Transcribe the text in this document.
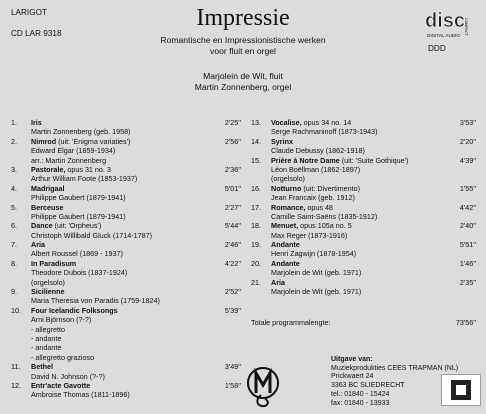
LARIGOT
CD LAR 9318
Impressie
Romantische en Impressionistische werken
voor fluit en orgel
Marjolein de Wit, fluit
Martin Zonnenberg, orgel
disc
COMPACT
DIGITAL AUDIO
DDD
1.	Iris	2'25''
Martin Zonnenberg (geb. 1958)
2.	Nimrod (uit: 'Enigma variaties')	2'56''
Edward Elgar (1859-1934)
arr.: Martin Zonnenberg
3.	Pastorale, opus 31 no. 3	2'36''
Arthur William Foote (1853-1937)
4.	Madrigaal	5'01''
Philippe Gaubert (1879-1941)
5.	Berceuse	2'27''
Philippe Gaubert (1879-1941)
6.	Dance (uit: 'Orpheus')	5'44''
Christoph Willibald Gluck (1714-1787)
7.	Aria	2'46''
Albert Roussel (1869 - 1937)
8.	In Paradisum	4'22''
Theodore Dubois (1837-1924)
(orgelsolo)
9.	Sicilienne	2'52''
Maria Theresia von Paradis (1759-1824)
10.	Four Icelandic Folksongs	5'39''
Arni Björnson (?-?)
- allegretto
- andante
- andante
- allegretto grazioso
11.	Bethel	3'49''
David N. Johnson (?-?)
12.	Entr'acte Gavotte	1'58''
Ambroise Thomas (1811-1896)
13.	Vocalise, opus 34 no. 14	3'53''
Serge Rachmaninoff (1873-1943)
14.	Syrinx	2'20''
Claude Debussy (1862-1918)
15.	Prière à Notre Dame (uit: 'Suite Gothique')	4'39''
Léon Boëllman (1862-1897)
(orgelsolo)
16.	Notturno (uit: Divertimento)	1'55''
Jean Francaix (geb. 1912)
17.	Romance, opus 48	4'42''
Camille Saint-Saëns (1835-1912)
18.	Menuet, opus 105a no. 5	2'40''
Max Reger (1873-1916)
19.	Andante	5'51''
Henri Zagwijn (1878-1954)
20.	Andante	1'46''
Marjolein de Wit (geb. 1971)
21.	Aria	2'35''
Marjolein de Wit (geb. 1971)
Totale programmalengte:	73'56''
Uitgave van:
Muziekprodukties CEES TRAPMAN (NL)
Prickwaert 24
3363 BC SLIEDRECHT
tel.: 01840 - 15424
fax: 01840 - 13933
